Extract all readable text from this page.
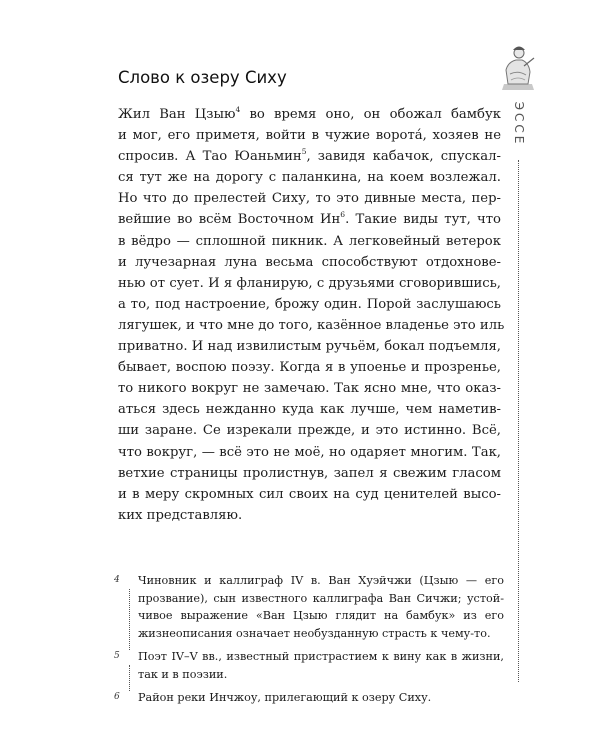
Слово к озеру Сиху
ЭССЕ
Жил Ван Цзыю$^4$ во время оно, он обожал бамбук
и мог, его приметя, войти в чужие ворота́, хозяев не
спросив. А Тао Юаньмин$^5$, завидя кабачок, спускал-
ся тут же на дорогу с паланкина, на коем возлежал.
Но что до прелестей Сиху, то это дивные места, пер-
вейшие во всём Восточном $Ин^6$. Такие виды тут, что
в вёдро — сплошной пикник. А легковейный ветерок
и лучезарная луна весьма способствуют отдохновe-
нью от сует. И я фланирую, с друзьями сговорившись,
а то, под настроение, брожу один. Порой заслушаюсь
лягушек, и что мне до того, казённое владенье это иль
приватно. И над извилистым ручьём, бокал подъемля,
бывает, воспою поэзу. Когда я в упоенье и прозренье,
то никого вокруг не замечаю. Так ясно мне, что оказ-
аться здесь нежданно куда как лучше, чем наметив-
ши заране. Се изрекали прежде, и это истинно. Всё,
что вокруг, — всё это не моё, но одаряет многим. Так,
ветхие страницы пролистнув, запел я свежим гласом
и в меру скромных сил своих на суд ценителей высо-
ких представляю.
4	Чиновник и каллиграф IV в. Ван Хуэйчжи (Цзыю — его
прозвание), сын известного каллиграфа Ван Сичжи; устой-
чивое выражение «Ван Цзыю глядит на бамбук» из его
жизнеописания означает необузданную страсть к чему-то.
5	Поэт IV–V вв., известный пристрастием к вину как в жизни,
так и в поэзии.
6	Район реки Инчжоу, прилегающий к озеру Сиху.
